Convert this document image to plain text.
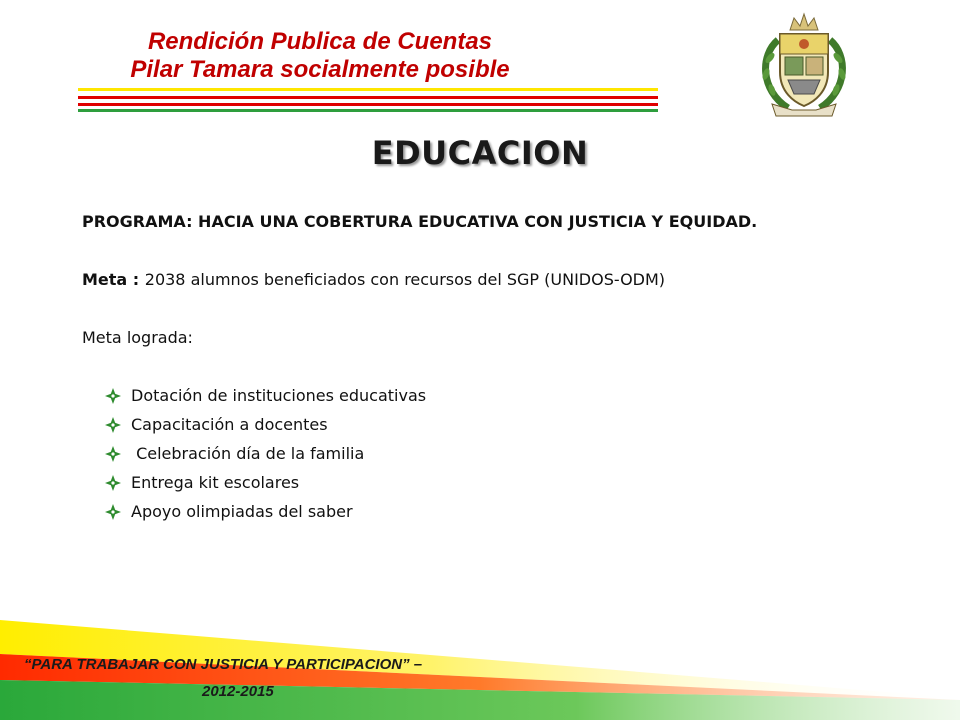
Rendición Publica de Cuentas
Pilar Tamara socialmente posible
EDUCACION
PROGRAMA: HACIA UNA COBERTURA EDUCATIVA CON JUSTICIA Y EQUIDAD.
Meta : 2038 alumnos beneficiados con recursos del SGP (UNIDOS-ODM)
Meta lograda:
Dotación de instituciones educativas
Capacitación a docentes
Celebración día de la familia
Entrega kit escolares
Apoyo olimpiadas del saber
“PARA TRABAJAR CON JUSTICIA Y PARTICIPACION” –
2012-2015
